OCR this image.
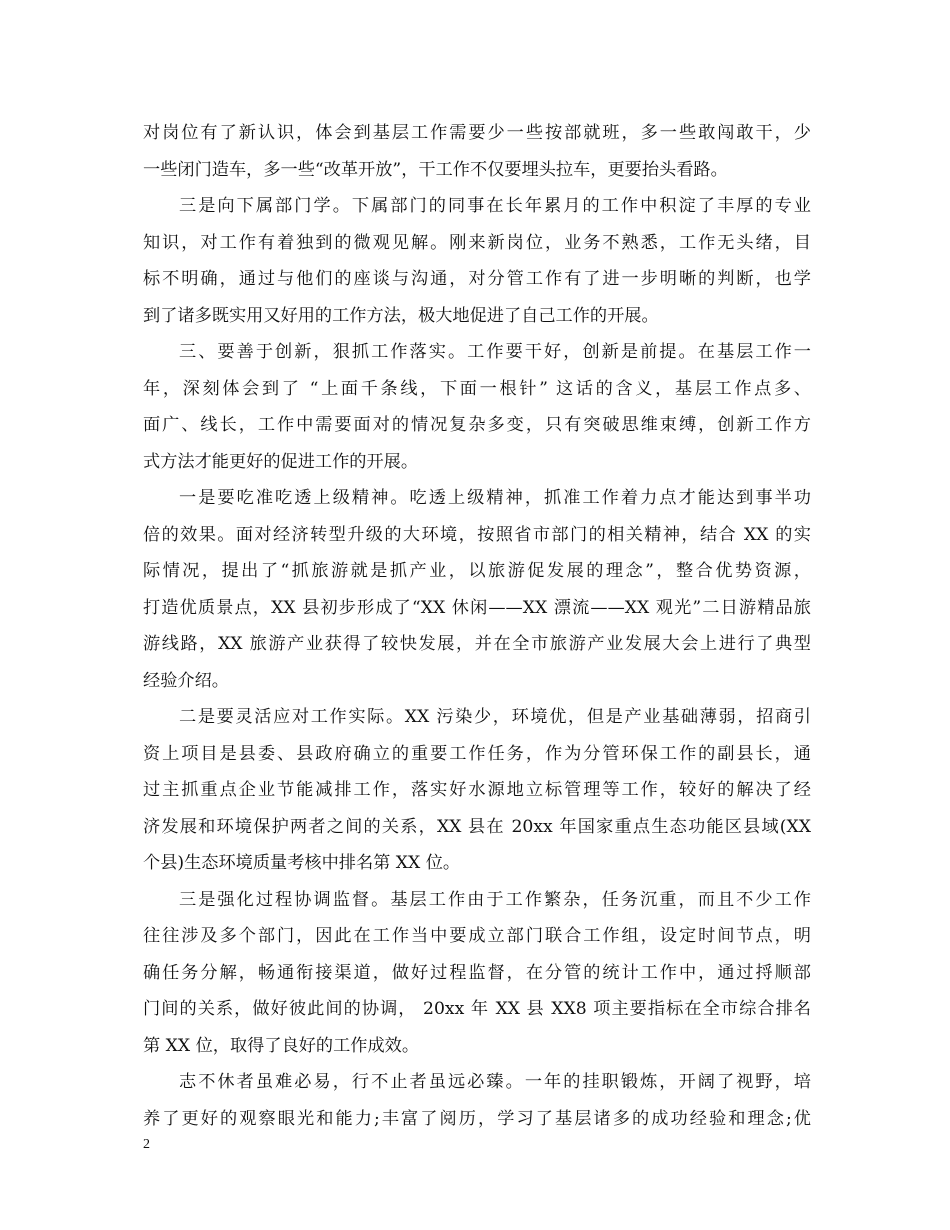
对岗位有了新认识，体会到基层工作需要少一些按部就班，多一些敢闯敢干，少
一些闭门造车，多一些“改革开放”，干工作不仅要埋头拉车，更要抬头看路。
三是向下属部门学。下属部门的同事在长年累月的工作中积淀了丰厚的专业
知识，对工作有着独到的微观见解。刚来新岗位，业务不熟悉，工作无头绪，目
标不明确，通过与他们的座谈与沟通，对分管工作有了进一步明晰的判断，也学
到了诸多既实用又好用的工作方法，极大地促进了自己工作的开展。
三、要善于创新，狠抓工作落实。工作要干好，创新是前提。在基层工作一
年，深刻体会到了 “上面千条线，下面一根针” 这话的含义，基层工作点多、
面广、线长，工作中需要面对的情况复杂多变，只有突破思维束缚，创新工作方
式方法才能更好的促进工作的开展。
一是要吃准吃透上级精神。吃透上级精神，抓准工作着力点才能达到事半功
倍的效果。面对经济转型升级的大环境，按照省市部门的相关精神，结合 XX 的实
际情况，提出了“抓旅游就是抓产业，以旅游促发展的理念”，整合优势资源，
打造优质景点，XX 县初步形成了“XX 休闲——XX 漂流——XX 观光”二日游精品旅
游线路，XX 旅游产业获得了较快发展，并在全市旅游产业发展大会上进行了典型
经验介绍。
二是要灵活应对工作实际。XX 污染少，环境优，但是产业基础薄弱，招商引
资上项目是县委、县政府确立的重要工作任务，作为分管环保工作的副县长，通
过主抓重点企业节能减排工作，落实好水源地立标管理等工作，较好的解决了经
济发展和环境保护两者之间的关系，XX 县在 20xx 年国家重点生态功能区县域(XX
个县)生态环境质量考核中排名第 XX 位。
三是强化过程协调监督。基层工作由于工作繁杂，任务沉重，而且不少工作
往往涉及多个部门，因此在工作当中要成立部门联合工作组，设定时间节点，明
确任务分解，畅通衔接渠道，做好过程监督，在分管的统计工作中，通过捋顺部
门间的关系，做好彼此间的协调， 20xx 年 XX 县 XX8 项主要指标在全市综合排名
第 XX 位，取得了良好的工作成效。
志不休者虽难必易，行不止者虽远必臻。一年的挂职锻炼，开阔了视野，培
养了更好的观察眼光和能力;丰富了阅历，学习了基层诸多的成功经验和理念;优
2
